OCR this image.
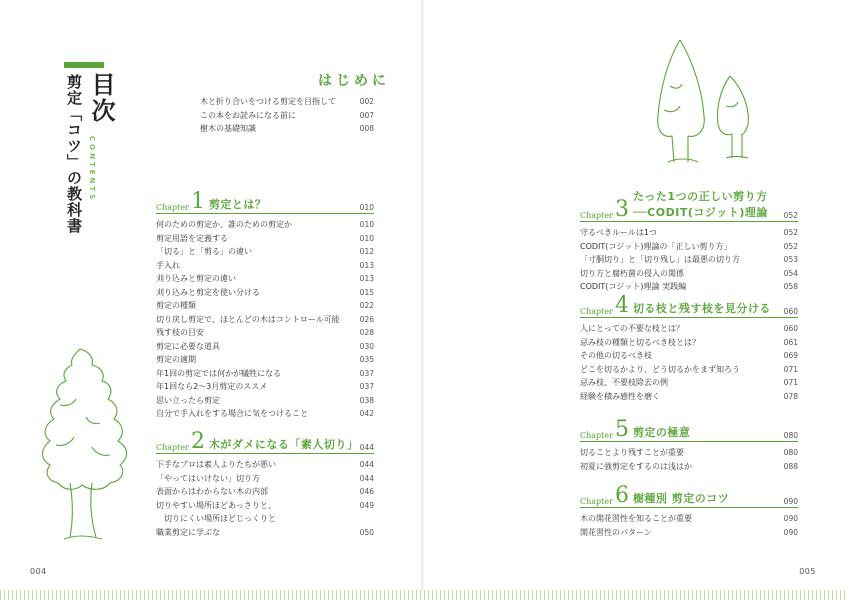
目次
剪定「コツ」の教科書 CONTENTS
はじめに
木と折り合いをつける剪定を目指して	002
この本をお読みになる前に	007
樹木の基礎知識	008
Chapter 1 剪定とは？	010
何のための剪定か、誰のための剪定か	010
剪定用語を定義する	010
「切る」と「剪る」の違い	012
手入れ	013
刈り込みと剪定の違い	013
刈り込みと剪定を使い分ける	015
剪定の種類	022
切り戻し剪定で、ほとんどの木はコントロール可能	026
残す枝の目安	028
剪定に必要な道具	030
剪定の適期	035
年1回の剪定では何かが犠牲になる	037
年1回なら2〜3月剪定のススメ	037
思い立ったら剪定	038
自分で手入れをする場合に気をつけること	042
Chapter 2 木がダメになる「素人切り」 044
下手なプロは素人よりたちが悪い	044
「やってはいけない」切り方	044
表面からはわからない木の内部	046
切りやすい場所ほどあっさりと、	049
　切りにくい場所ほどじっくりと
職業剪定に学ぶな	050
004
Chapter 3
たった1つの正しい剪り方
──CODIT(コジット)理論 052
守るべきルールは1つ	052
CODIT(コジット)理論の「正しい剪り方」	052
「寸胴切り」と「切り残し」は最悪の切り方	053
切り方と腐朽菌の侵入の関係	054
CODIT(コジット)理論 実践編	058
Chapter 4 切る枝と残す枝を見分ける 060
人にとっての不要な枝とは？	060
忌み枝の種類と切るべき枝とは？	061
その他の切るべき枝	069
どこを切るかより、どう切るかをまず知ろう	071
忌み枝、不要枝除去の例	071
経験を積み感性を磨く	078
Chapter 5 剪定の極意	080
切ることより残すことが重要	080
初夏に強剪定をするのは浅はか	088
Chapter 6 樹種別 剪定のコツ	090
木の開花習性を知ることが重要	090
開花習性のパターン	090
005
